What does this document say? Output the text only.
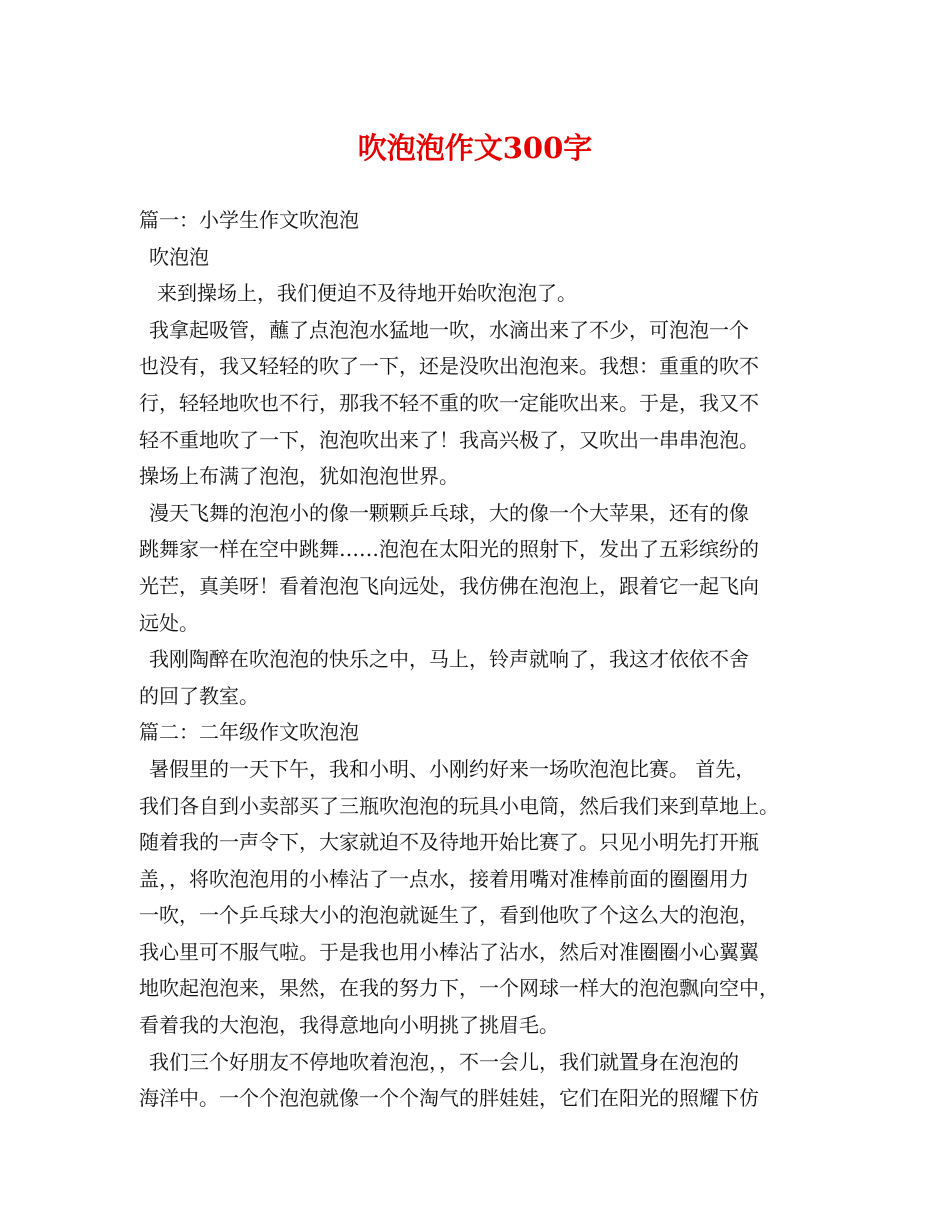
吹泡泡作文300字

篇一：小学生作文吹泡泡

吹泡泡

来到操场上，我们便迫不及待地开始吹泡泡了。

我拿起吸管，蘸了点泡泡水猛地一吹，水滴出来了不少，可泡泡一个

也没有，我又轻轻的吹了一下，还是没吹出泡泡来。我想：重重的吹不

行，轻轻地吹也不行，那我不轻不重的吹一定能吹出来。于是，我又不

轻不重地吹了一下，泡泡吹出来了！我高兴极了，又吹出一串串泡泡。

操场上布满了泡泡，犹如泡泡世界。

漫天飞舞的泡泡小的像一颗颗乒乓球，大的像一个大苹果，还有的像

跳舞家一样在空中跳舞……泡泡在太阳光的照射下，发出了五彩缤纷的

光芒，真美呀！看着泡泡飞向远处，我仿佛在泡泡上，跟着它一起飞向

远处。

我刚陶醉在吹泡泡的快乐之中，马上，铃声就响了，我这才依依不舍

的回了教室。

篇二：二年级作文吹泡泡

暑假里的一天下午，我和小明、小刚约好来一场吹泡泡比赛。 首先，

我们各自到小卖部买了三瓶吹泡泡的玩具小电筒，然后我们来到草地上。

随着我的一声令下，大家就迫不及待地开始比赛了。只见小明先打开瓶

盖，，将吹泡泡用的小棒沾了一点水，接着用嘴对准棒前面的圈圈用力

一吹，一个乒乓球大小的泡泡就诞生了，看到他吹了个这么大的泡泡，

我心里可不服气啦。于是我也用小棒沾了沾水，然后对准圈圈小心翼翼

地吹起泡泡来，果然，在我的努力下，一个网球一样大的泡泡飘向空中，

看着我的大泡泡，我得意地向小明挑了挑眉毛。

我们三个好朋友不停地吹着泡泡，，不一会儿，我们就置身在泡泡的

海洋中。一个个泡泡就像一个个淘气的胖娃娃，它们在阳光的照耀下仿
